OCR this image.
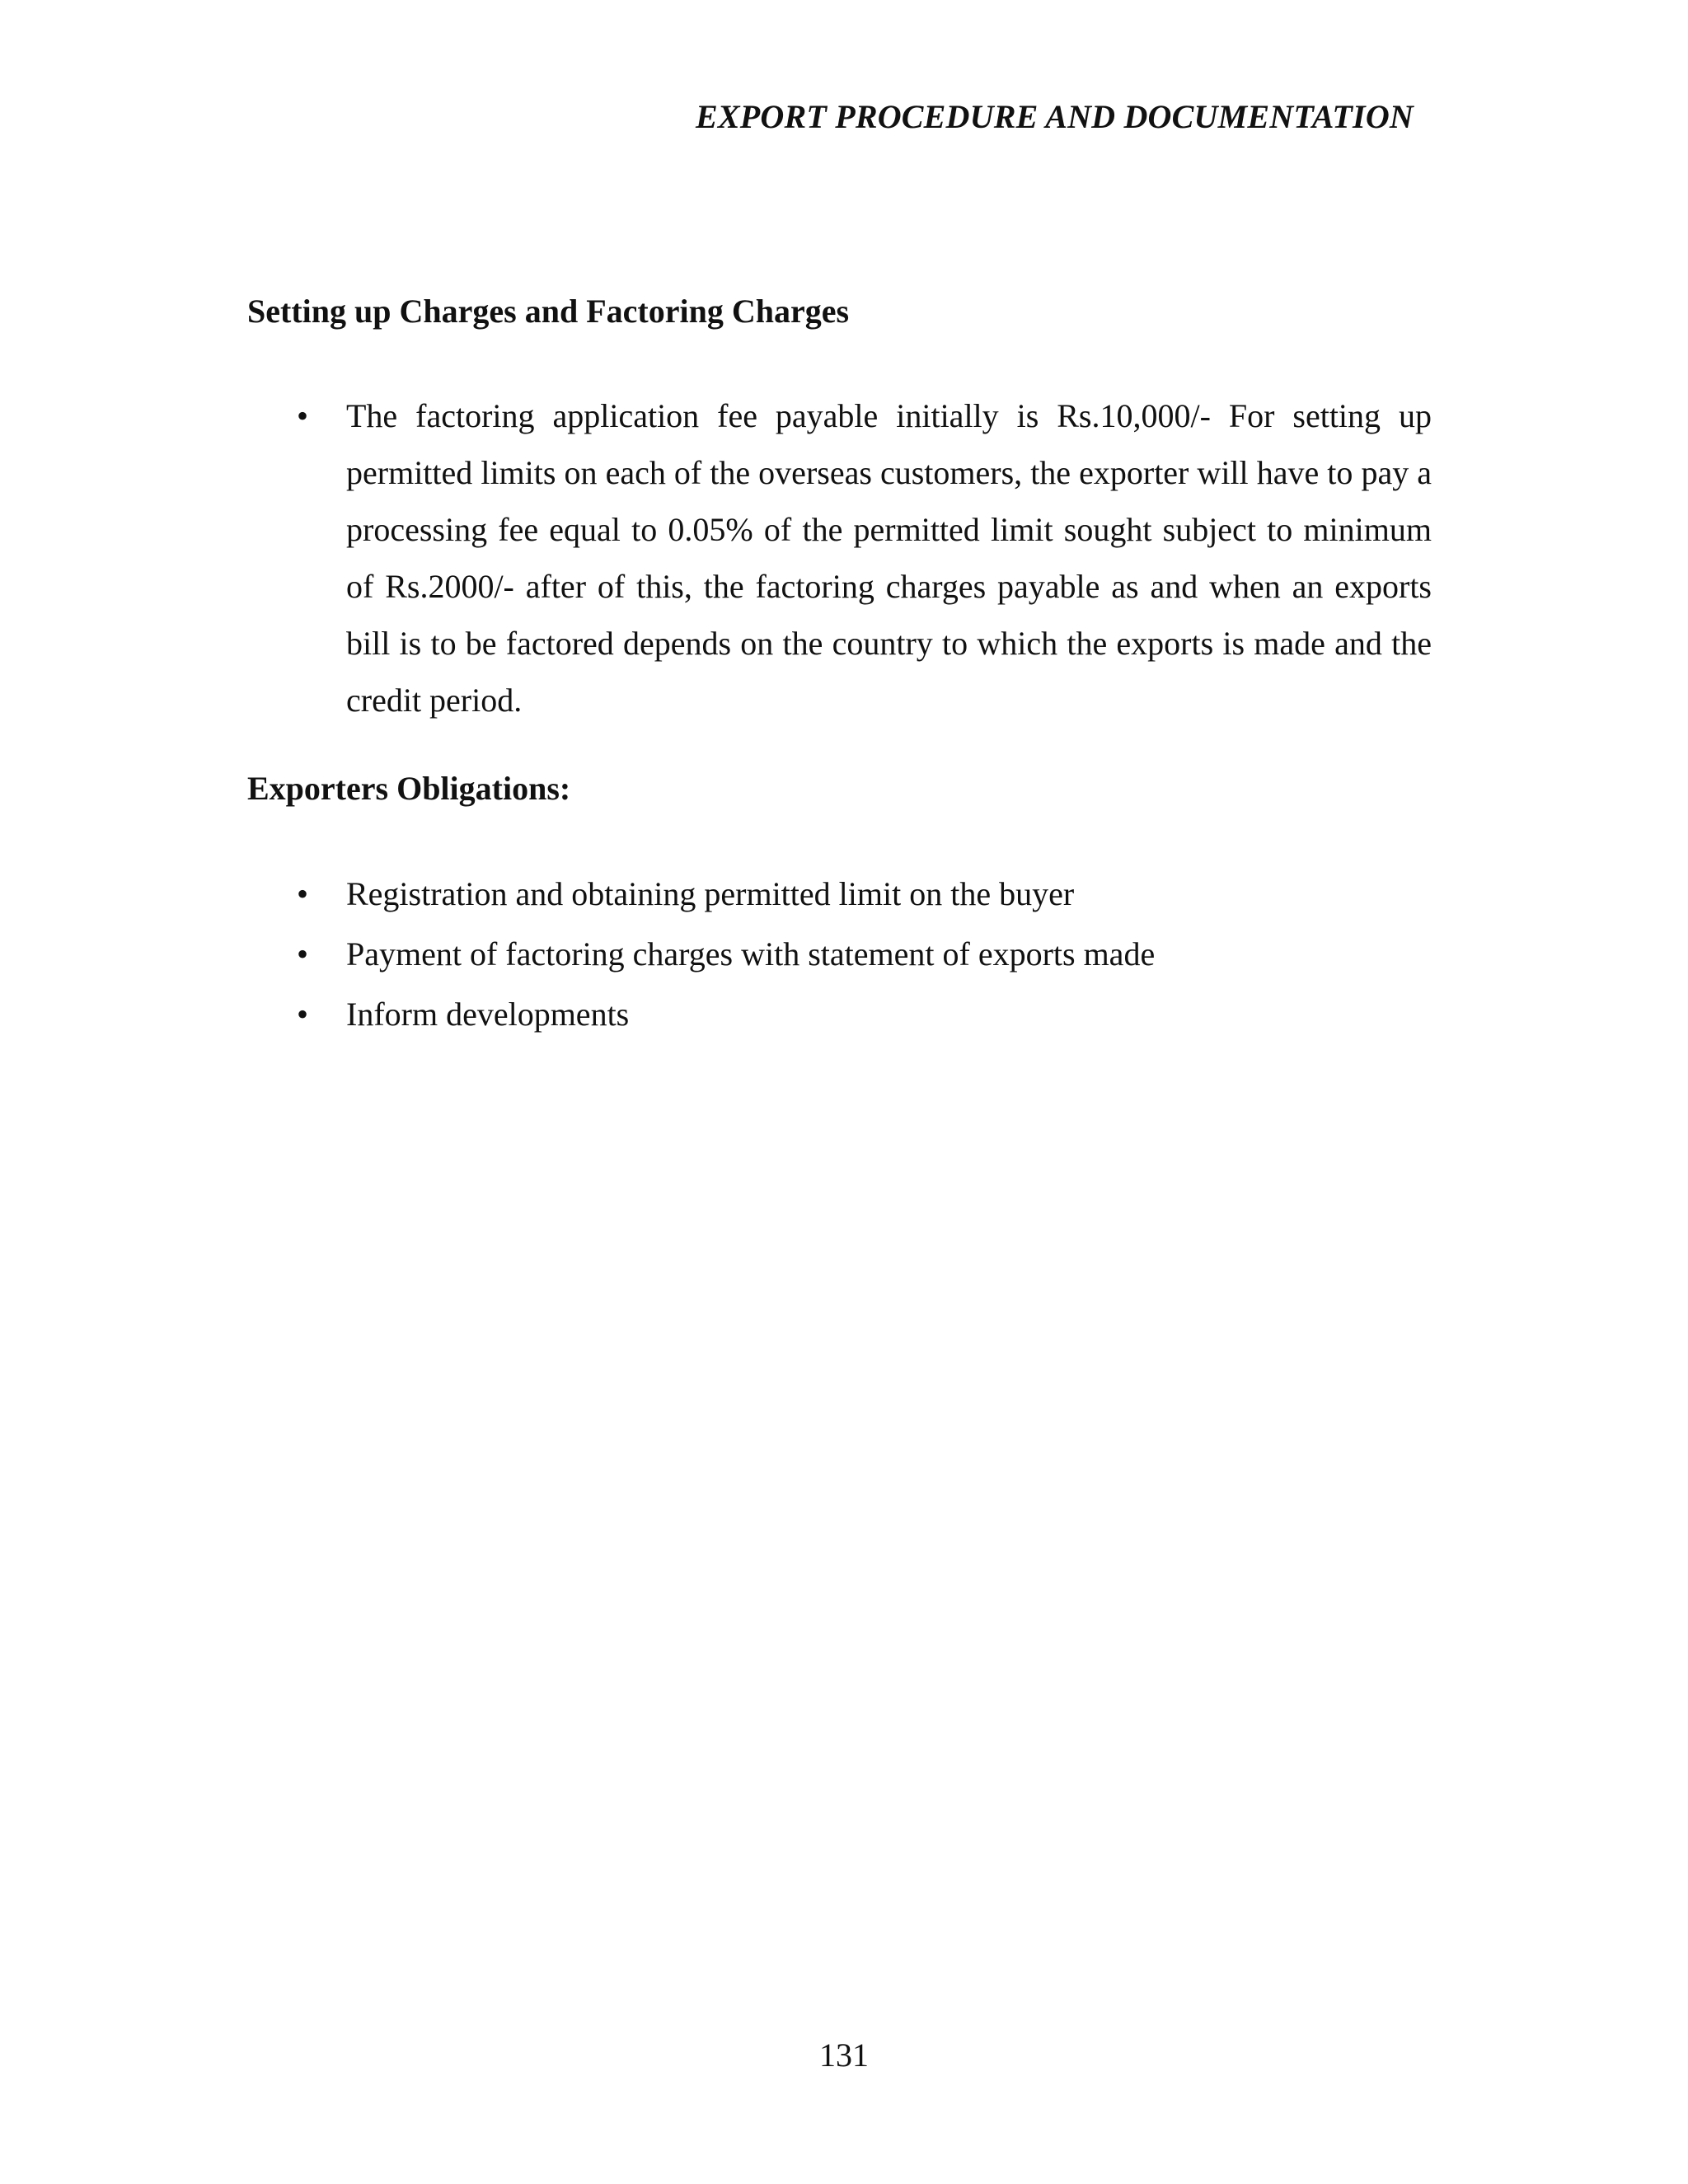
EXPORT PROCEDURE AND DOCUMENTATION
Setting up Charges and Factoring Charges
• The factoring application fee payable initially is Rs.10,000/- For setting up permitted limits on each of the overseas customers, the exporter will have to pay a processing fee equal to 0.05% of the permitted limit sought subject to minimum of Rs.2000/- after of this, the factoring charges payable as and when an exports bill is to be factored depends on the country to which the exports is made and the credit period.
Exporters Obligations:
• Registration and obtaining permitted limit on the buyer
• Payment of factoring charges with statement of exports made
• Inform developments
131
